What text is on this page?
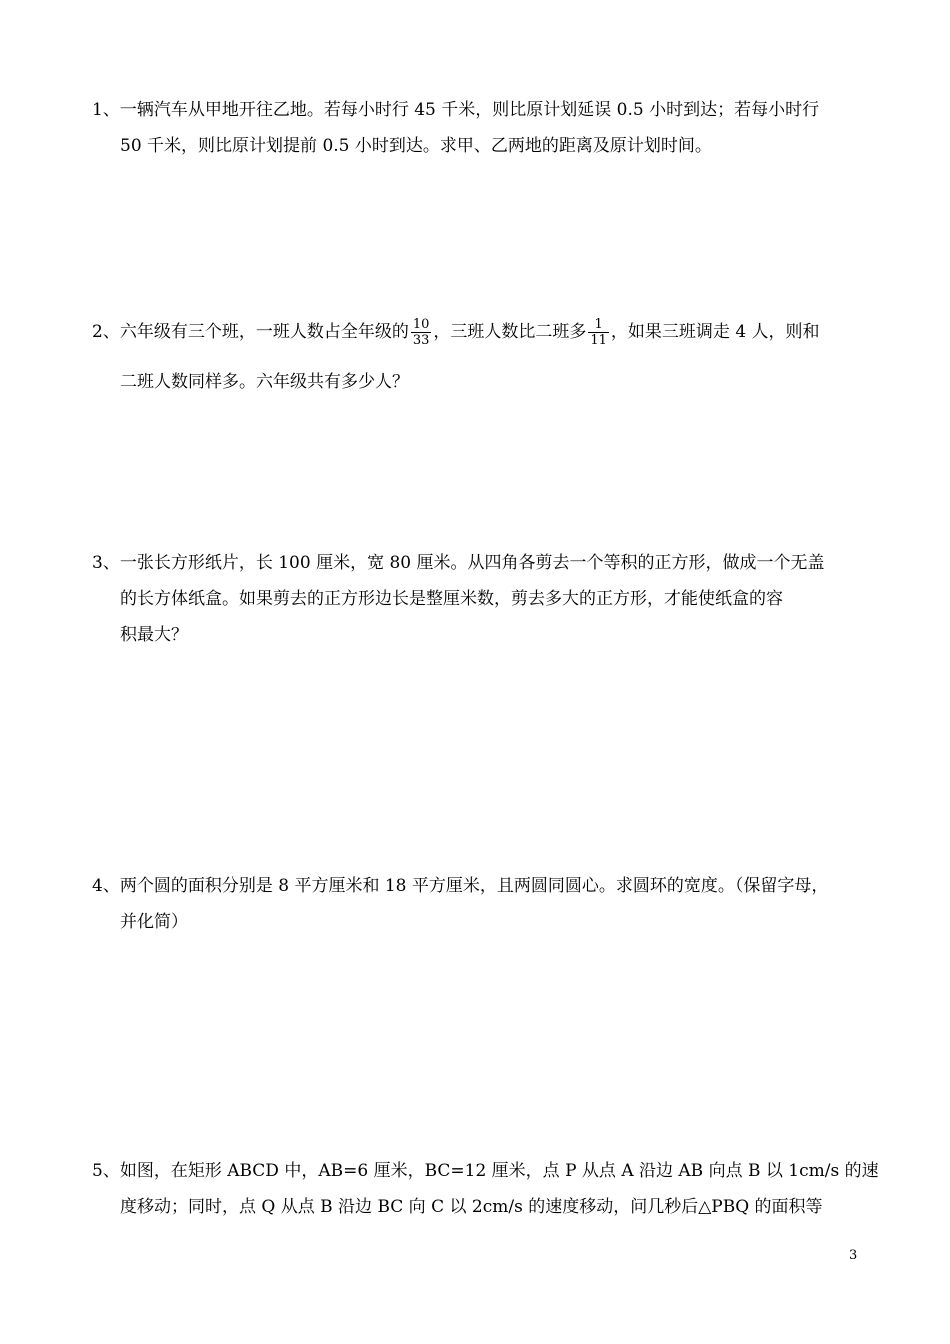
1、一辆汽车从甲地开往乙地。若每小时行 45 千米，则比原计划延误 0.5 小时到达；若每小时行
50 千米，则比原计划提前 0.5 小时到达。求甲、乙两地的距离及原计划时间。
2、六年级有三个班，一班人数占全年级的 $\frac{10}{33}$ ，三班人数比二班多 $\frac{1}{11}$ ，如果三班调走 4 人，则和
二班人数同样多。六年级共有多少人？
3、一张长方形纸片，长 100 厘米，宽 80 厘米。从四角各剪去一个等积的正方形，做成一个无盖
的长方体纸盒。如果剪去的正方形边长是整厘米数，剪去多大的正方形，才能使纸盒的容
积最大？
4、两个圆的面积分别是 8 平方厘米和 18 平方厘米，且两圆同圆心。求圆环的宽度。（保留字母，
并化简）
5、如图，在矩形 ABCD 中，AB=6 厘米，BC=12 厘米，点 P 从点 A 沿边 AB 向点 B 以 1cm/s 的速
度移动；同时，点 Q 从点 B 沿边 BC 向 C 以 2cm/s 的速度移动，问几秒后△PBQ 的面积等
3
